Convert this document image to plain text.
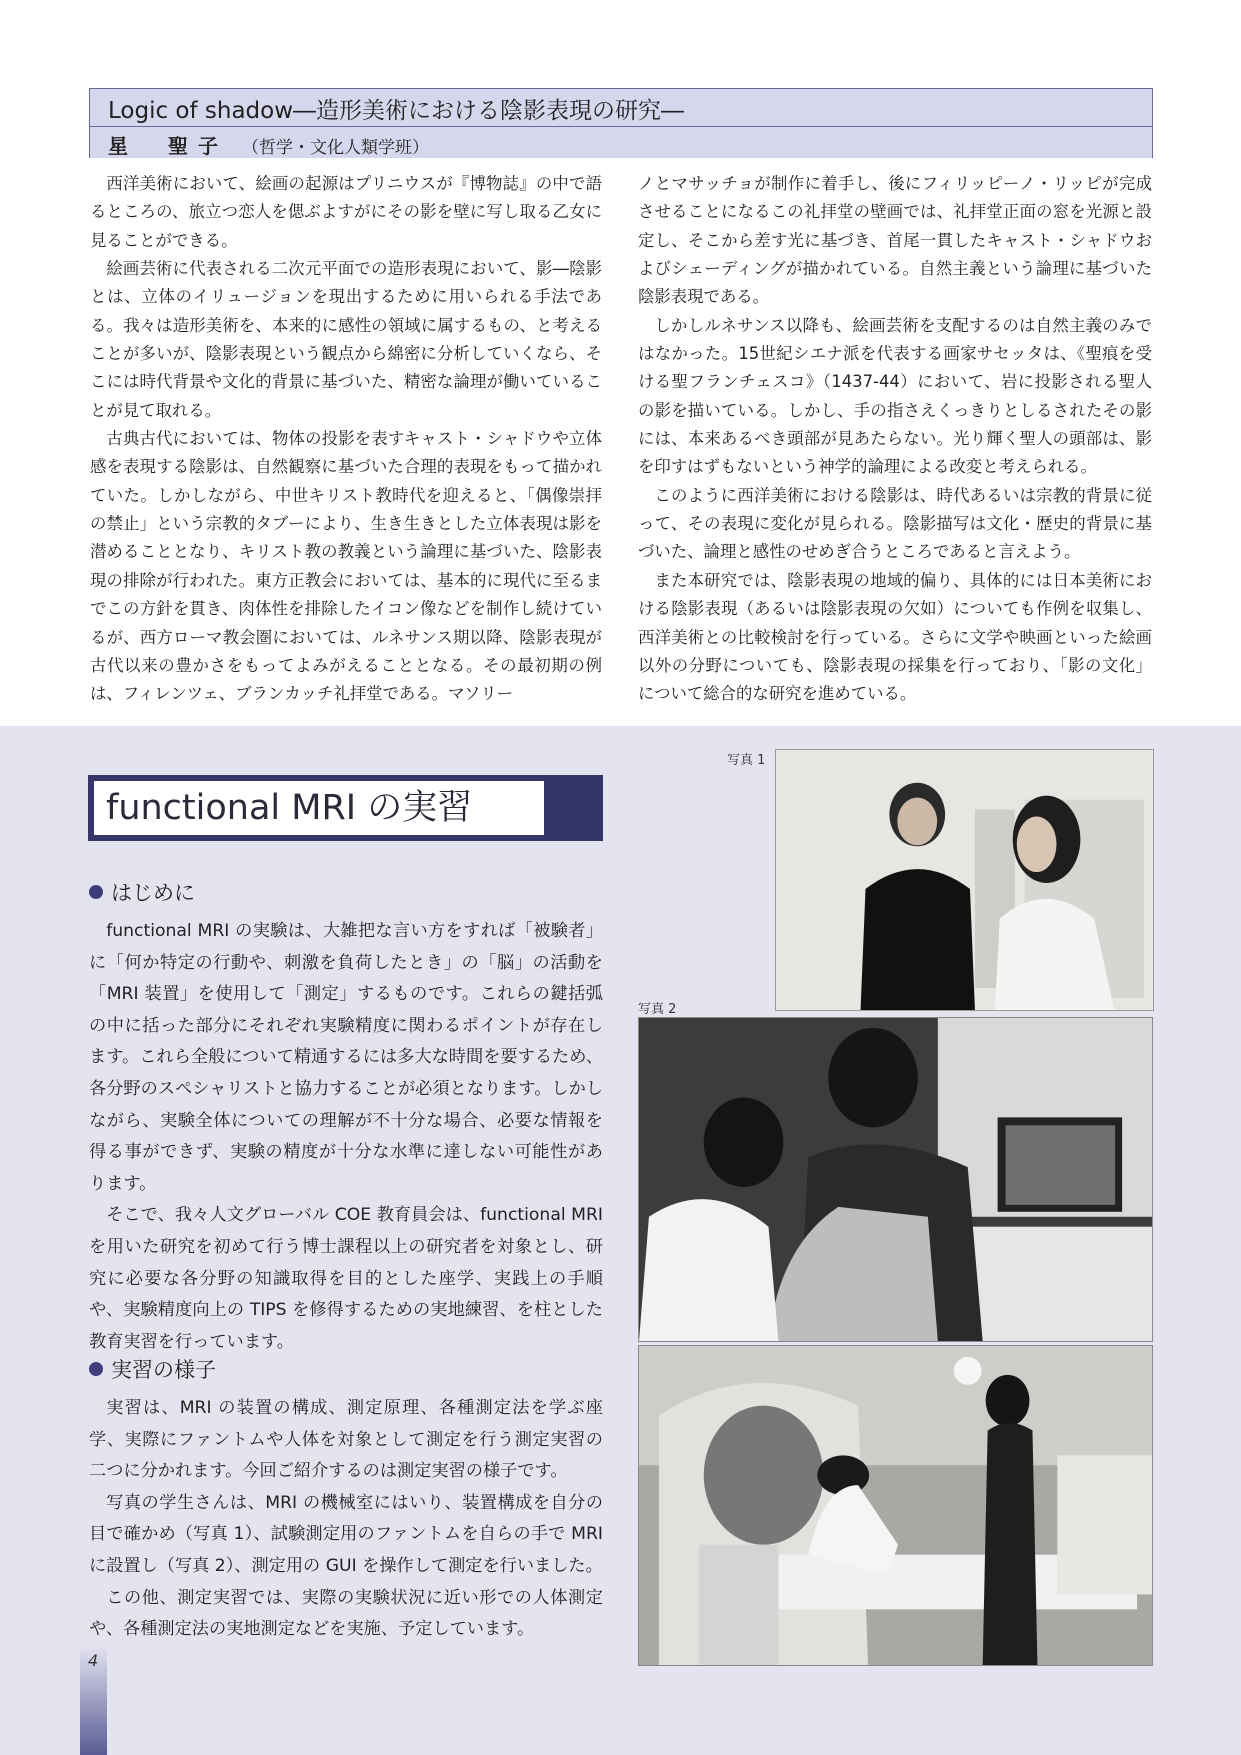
Logic of shadow―造形美術における陰影表現の研究―
星　聖子 （哲学・文化人類学班）

西洋美術において、絵画の起源はプリニウスが『博物誌』の中で語るところの、旅立つ恋人を偲ぶよすがにその影を壁に写し取る乙女に見ることができる。

絵画芸術に代表される二次元平面での造形表現において、影―陰影とは、立体のイリュージョンを現出するために用いられる手法である。我々は造形美術を、本来的に感性の領域に属するもの、と考えることが多いが、陰影表現という観点から綿密に分析していくなら、そこには時代背景や文化的背景に基づいた、精密な論理が働いていることが見て取れる。

古典古代においては、物体の投影を表すキャスト・シャドウや立体感を表現する陰影は、自然観察に基づいた合理的表現をもって描かれていた。しかしながら、中世キリスト教時代を迎えると、「偶像崇拝の禁止」という宗教的タブーにより、生き生きとした立体表現は影を潜めることとなり、キリスト教の教義という論理に基づいた、陰影表現の排除が行われた。東方正教会においては、基本的に現代に至るまでこの方針を貫き、肉体性を排除したイコン像などを制作し続けているが、西方ローマ教会圏においては、ルネサンス期以降、陰影表現が古代以来の豊かさをもってよみがえることとなる。その最初期の例は、フィレンツェ、ブランカッチ礼拝堂である。マソリー

ノとマサッチョが制作に着手し、後にフィリッピーノ・リッピが完成させることになるこの礼拝堂の壁画では、礼拝堂正面の窓を光源と設定し、そこから差す光に基づき、首尾一貫したキャスト・シャドウおよびシェーディングが描かれている。自然主義という論理に基づいた陰影表現である。

しかしルネサンス以降も、絵画芸術を支配するのは自然主義のみではなかった。15世紀シエナ派を代表する画家サセッタは、《聖痕を受ける聖フランチェスコ》（1437-44）において、岩に投影される聖人の影を描いている。しかし、手の指さえくっきりとしるされたその影には、本来あるべき頭部が見あたらない。光り輝く聖人の頭部は、影を印すはずもないという神学的論理による改変と考えられる。

このように西洋美術における陰影は、時代あるいは宗教的背景に従って、その表現に変化が見られる。陰影描写は文化・歴史的背景に基づいた、論理と感性のせめぎ合うところであると言えよう。

また本研究では、陰影表現の地域的偏り、具体的には日本美術における陰影表現（あるいは陰影表現の欠如）についても作例を収集し、西洋美術との比較検討を行っている。さらに文学や映画といった絵画以外の分野についても、陰影表現の採集を行っており、「影の文化」について総合的な研究を進めている。

functional MRI の実習
はじめに

functional MRI の実験は、大雑把な言い方をすれば「被験者」に「何か特定の行動や、刺激を負荷したとき」の「脳」の活動を「MRI 装置」を使用して「測定」するものです。これらの鍵括弧の中に括った部分にそれぞれ実験精度に関わるポイントが存在します。これら全般について精通するには多大な時間を要するため、各分野のスペシャリストと協力することが必須となります。しかしながら、実験全体についての理解が不十分な場合、必要な情報を得る事ができず、実験の精度が十分な水準に達しない可能性があります。

そこで、我々人文グローバル COE 教育員会は、functional MRI を用いた研究を初めて行う博士課程以上の研究者を対象とし、研究に必要な各分野の知識取得を目的とした座学、実践上の手順や、実験精度向上の TIPS を修得するための実地練習、を柱とした教育実習を行っています。

実習の様子

実習は、MRI の装置の構成、測定原理、各種測定法を学ぶ座学、実際にファントムや人体を対象として測定を行う測定実習の二つに分かれます。今回ご紹介するのは測定実習の様子です。

写真の学生さんは、MRI の機械室にはいり、装置構成を自分の目で確かめ（写真 1）、試験測定用のファントムを自らの手で MRI に設置し（写真 2）、測定用の GUI を操作して測定を行いました。

この他、測定実習では、実際の実験状況に近い形での人体測定や、各種測定法の実地測定などを実施、予定しています。

写真 1
写真 2
4
